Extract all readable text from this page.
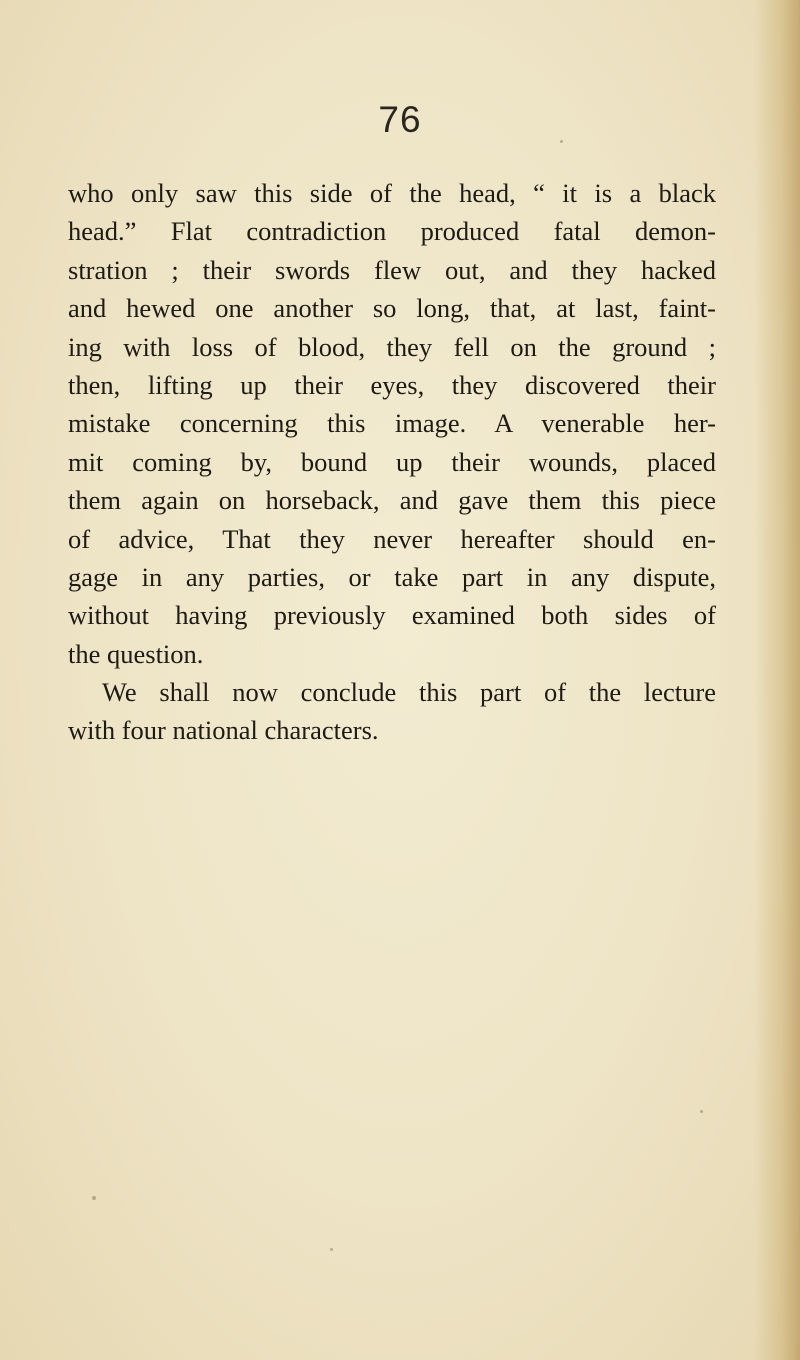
76
who only saw this side of the head, “ it is a black
head.” Flat contradiction produced fatal demon-
stration ; their swords flew out, and they hacked
and hewed one another so long, that, at last, faint-
ing with loss of blood, they fell on the ground ;
then, lifting up their eyes, they discovered their
mistake concerning this image. A venerable her-
mit coming by, bound up their wounds, placed
them again on horseback, and gave them this piece
of advice, That they never hereafter should en-
gage in any parties, or take part in any dispute,
without having previously examined both sides of
the question.
We shall now conclude this part of the lecture
with four national characters.
